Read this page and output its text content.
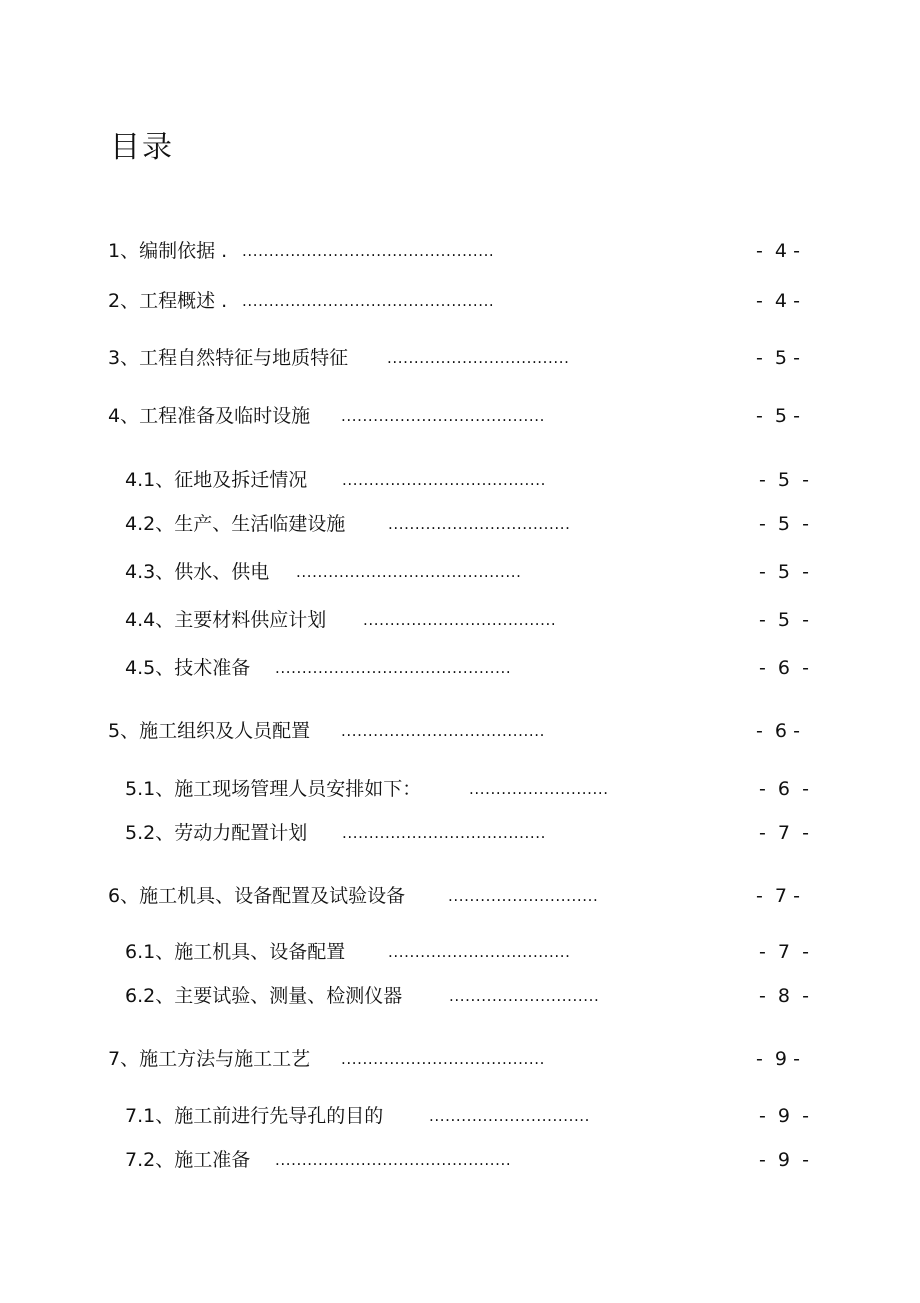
目录
1、编制依据 . ...............................................	-  4 -
2、工程概述 . ...............................................	-  4 -
3、工程自然特征与地质特征	..................................	-  5 -
4、工程准备及临时设施 ......................................	-  5 -
4.1、征地及拆迁情况 ......................................	-  5  -
4.2、生产、生活临建设施	..................................	-  5  -
4.3、供水、供电 ..........................................	-  5  -
4.4、主要材料供应计划 ....................................	-  5  -
4.5、技术准备 ............................................	-  6  -
5、施工组织及人员配置 ......................................	-  6 -
5.1、施工现场管理人员安排如下：	..........................	-  6  -
5.2、劳动力配置计划 ......................................	-  7  -
6、施工机具、设备配置及试验设备	............................	-  7 -
6.1、施工机具、设备配置	..................................	-  7  -
6.2、主要试验、测量、检测仪器	............................	-  8  -
7、施工方法与施工工艺 ......................................	-  9 -
7.1、施工前进行先导孔的目的	..............................	-  9  -
7.2、施工准备 ............................................	-  9  -
